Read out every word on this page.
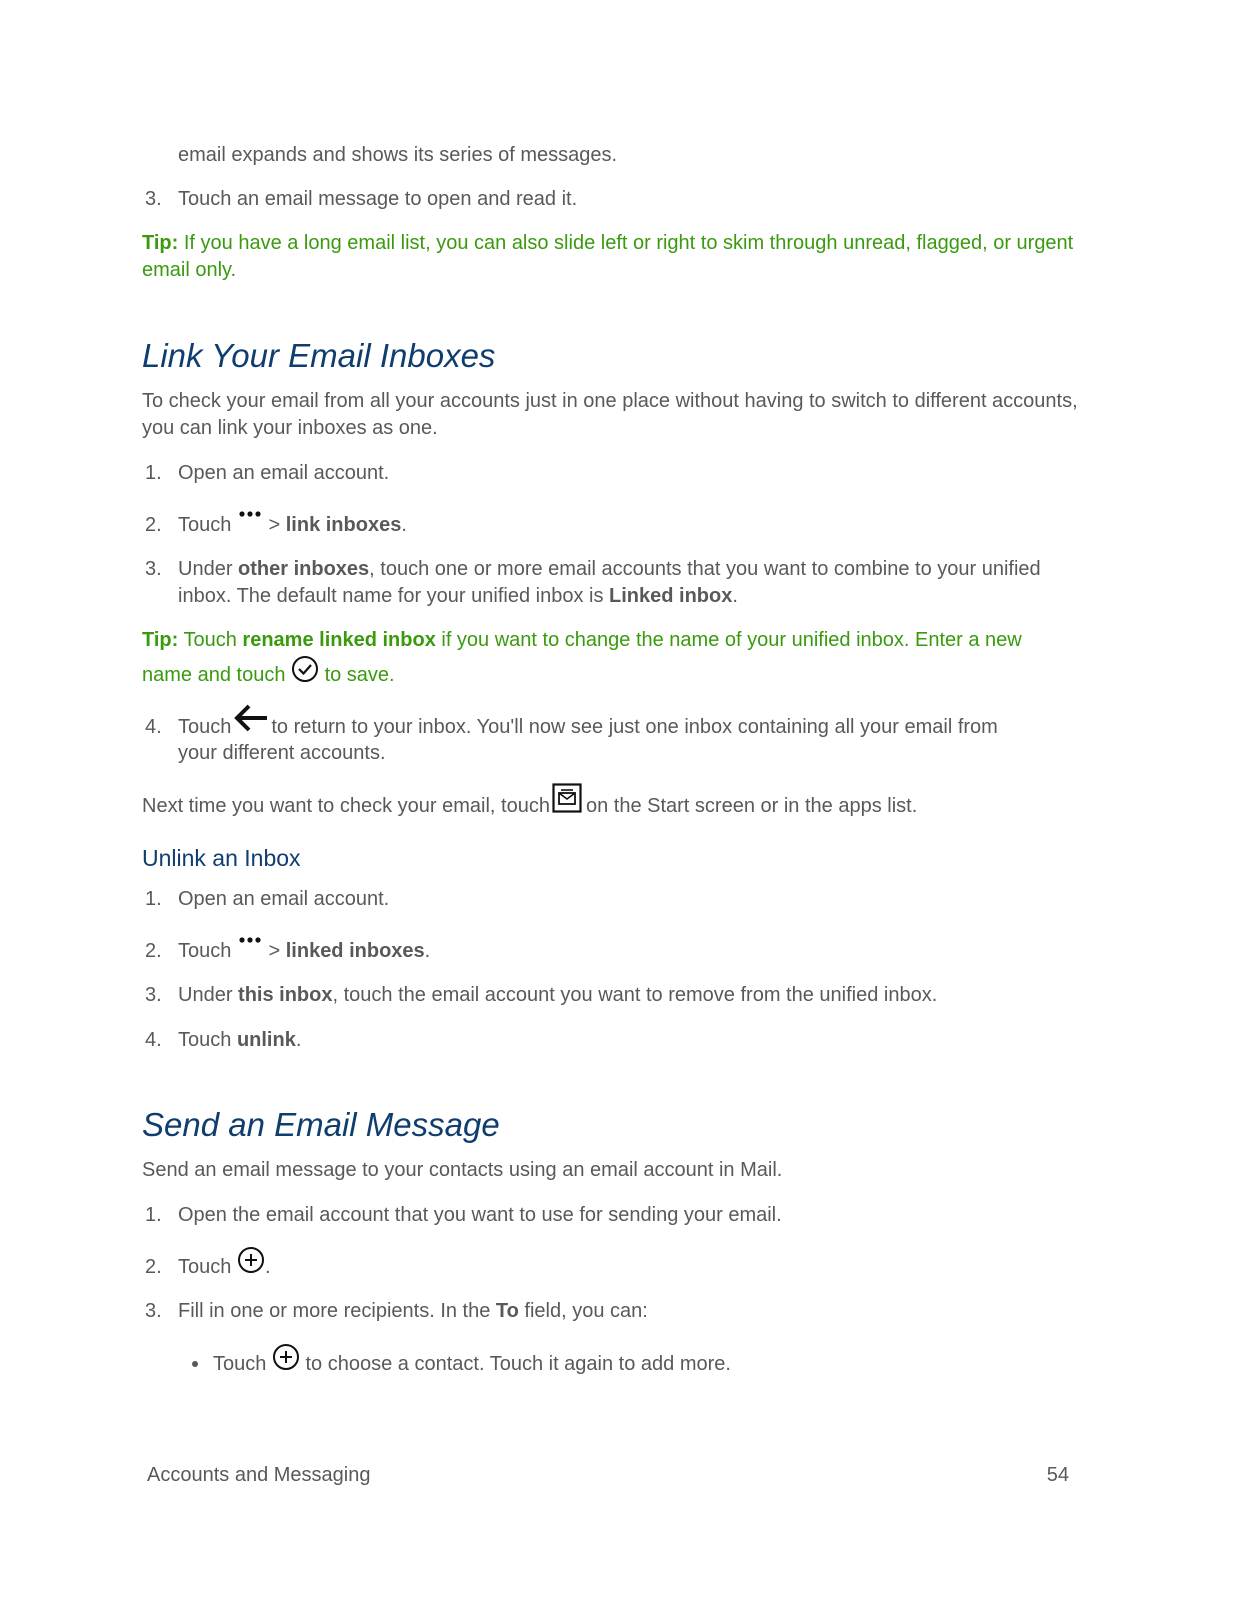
email expands and shows its series of messages.
3. Touch an email message to open and read it.
Tip: If you have a long email list, you can also slide left or right to skim through unread, flagged, or urgent email only.
Link Your Email Inboxes
To check your email from all your accounts just in one place without having to switch to different accounts, you can link your inboxes as one.
1. Open an email account.
2. Touch  > link inboxes.
3. Under other inboxes, touch one or more email accounts that you want to combine to your unified inbox. The default name for your unified inbox is Linked inbox.
Tip: Touch rename linked inbox if you want to change the name of your unified inbox. Enter a new
name and touch to save.
4. Touch to return to your inbox. You'll now see just one inbox containing all your email from
your different accounts.
Next time you want to check your email, touch on the Start screen or in the apps list.
Unlink an Inbox
1. Open an email account.
2. Touch  > linked inboxes.
3. Under this inbox, touch the email account you want to remove from the unified inbox.
4. Touch unlink.
Send an Email Message
Send an email message to your contacts using an email account in Mail.
1. Open the email account that you want to use for sending your email.
2. Touch .
3. Fill in one or more recipients. In the To field, you can:
Touch to choose a contact. Touch it again to add more.
Accounts and Messaging	54
